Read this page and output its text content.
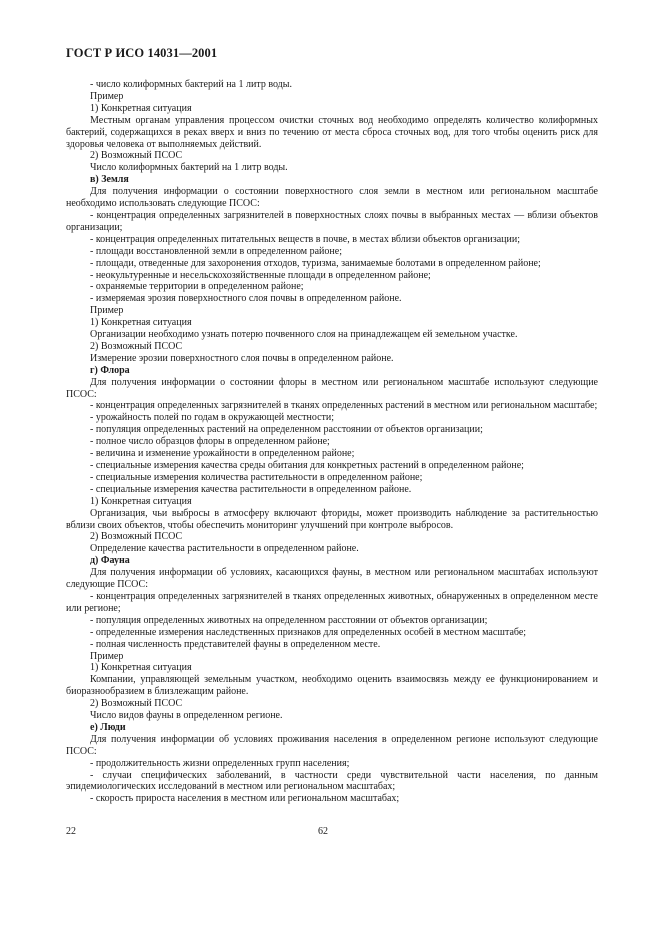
ГОСТ Р ИСО 14031—2001

- число колиформных бактерий на 1 литр воды.

Пример

1) Конкретная ситуация

Местным органам управления процессом очистки сточных вод необходимо определять количество колиформных бактерий, содержащихся в реках вверх и вниз по течению от места сброса сточных вод, для того чтобы оценить риск для здоровья человека от выполняемых действий.

2) Возможный ПСОС

Число колиформных бактерий на 1 литр воды.

в) Земля

Для получения информации о состоянии поверхностного слоя земли в местном или региональном масштабе необходимо использовать следующие ПСОС:

- концентрация определенных загрязнителей в поверхностных слоях почвы в выбранных местах — вблизи объектов организации;

- концентрация определенных питательных веществ в почве, в местах вблизи объектов организации;

- площади восстановленной земли в определенном районе;

- площади, отведенные для захоронения отходов, туризма, занимаемые болотами в определенном районе;

- неокультуренные и несельскохозяйственные площади в определенном районе;

- охраняемые территории в определенном районе;

- измеряемая эрозия поверхностного слоя почвы в определенном районе.

Пример

1) Конкретная ситуация

Организации необходимо узнать потерю почвенного слоя на принадлежащем ей земельном участке.

2) Возможный ПСОС

Измерение эрозии поверхностного слоя почвы в определенном районе.

г) Флора

Для получения информации о состоянии флоры в местном или региональном масштабе используют следующие ПСОС:

- концентрация определенных загрязнителей в тканях определенных растений в местном или региональном масштабе;

- урожайность полей по годам в окружающей местности;

- популяция определенных растений на определенном расстоянии от объектов организации;

- полное число образцов флоры в определенном районе;

- величина и изменение урожайности в определенном районе;

- специальные измерения качества среды обитания для конкретных растений в определенном районе;

- специальные измерения количества растительности в определенном районе;

- специальные измерения качества растительности в определенном районе.

1) Конкретная ситуация

Организация, чьи выбросы в атмосферу включают фториды, может производить наблюдение за растительностью вблизи своих объектов, чтобы обеспечить мониторинг улучшений при контроле выбросов.

2) Возможный ПСОС

Определение качества растительности в определенном районе.

д) Фауна

Для получения информации об условиях, касающихся фауны, в местном или региональном масштабах используют следующие ПСОС:

- концентрация определенных загрязнителей в тканях определенных животных, обнаруженных в определенном месте или регионе;

- популяция определенных животных на определенном расстоянии от объектов организации;

- определенные измерения наследственных признаков для определенных особей в местном масштабе;

- полная численность представителей фауны в определенном месте.

Пример

1) Конкретная ситуация

Компании, управляющей земельным участком, необходимо оценить взаимосвязь между ее функционированием и биоразнообразием в близлежащим районе.

2) Возможный ПСОС

Число видов фауны в определенном регионе.

е) Люди

Для получения информации об условиях проживания населения в определенном регионе используют следующие ПСОС:

- продолжительность жизни определенных групп населения;

- случаи специфических заболеваний, в частности среди чувствительной части населения, по данным эпидемиологических исследований в местном или региональном масштабах;

- скорость прироста населения в местном или региональном масштабах;

22	62
